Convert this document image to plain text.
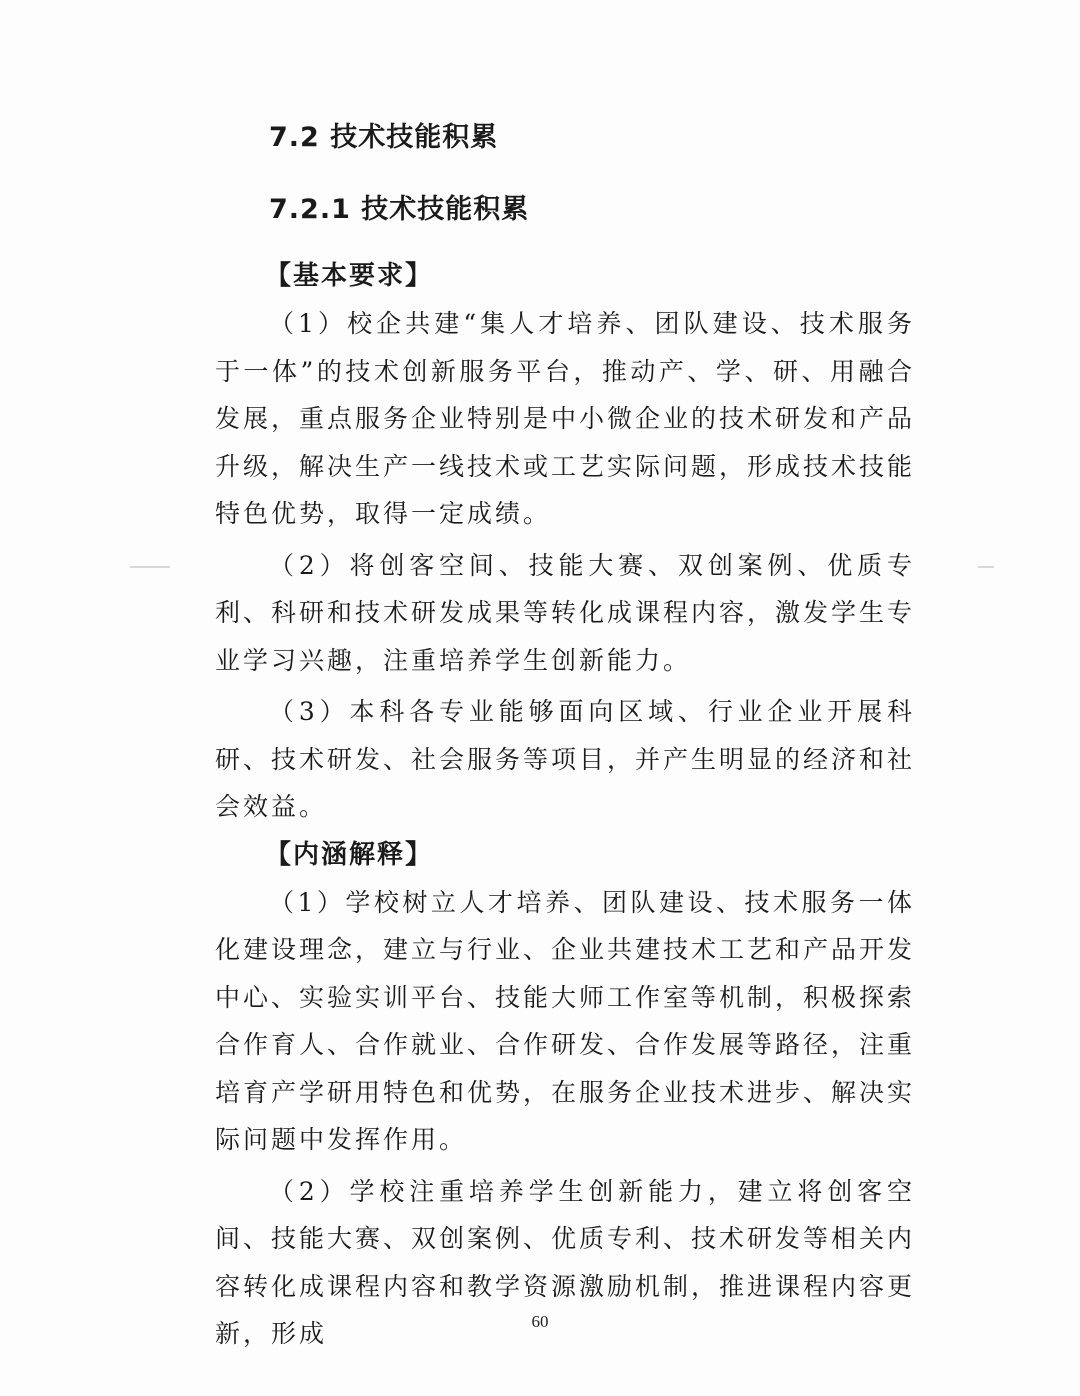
7.2 技术技能积累
7.2.1 技术技能积累
【基本要求】

（1）校企共建“集人才培养、团队建设、技术服务于一体”的技术创新服务平台，推动产、学、研、用融合发展，重点服务企业特别是中小微企业的技术研发和产品升级，解决生产一线技术或工艺实际问题，形成技术技能特色优势，取得一定成绩。

（2）将创客空间、技能大赛、双创案例、优质专利、科研和技术研发成果等转化成课程内容，激发学生专业学习兴趣，注重培养学生创新能力。

（3）本科各专业能够面向区域、行业企业开展科研、技术研发、社会服务等项目，并产生明显的经济和社会效益。

【内涵解释】

（1）学校树立人才培养、团队建设、技术服务一体化建设理念，建立与行业、企业共建技术工艺和产品开发中心、实验实训平台、技能大师工作室等机制，积极探索合作育人、合作就业、合作研发、合作发展等路径，注重培育产学研用特色和优势，在服务企业技术进步、解决实际问题中发挥作用。

（2）学校注重培养学生创新能力，建立将创客空间、技能大赛、双创案例、优质专利、技术研发等相关内容转化成课程内容和教学资源激励机制，推进课程内容更新，形成	60
